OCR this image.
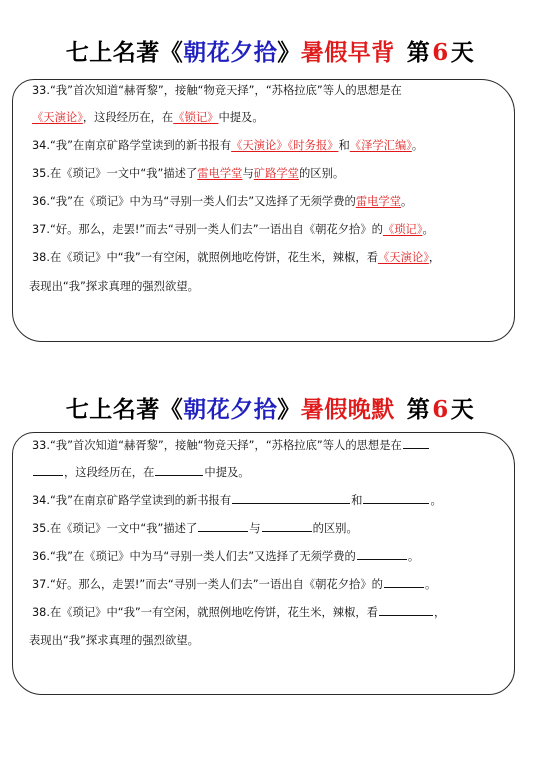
七上名著《朝花夕拾》暑假早背 第6天
33.“我”首次知道“赫胥黎”，接触“物竞天择”，“苏格拉底”等人的思想是在
《天演论》，这段经历在，在《锁记》中提及。
34.“我”在南京矿路学堂读到的新书报有《天演论》《时务报》和《泽学汇编》。
35.在《琐记》一文中“我”描述了雷电学堂与矿路学堂的区别。
36.“我”在《琐记》中为马“寻别一类人们去”又选择了无须学费的雷电学堂。
37.“好。那么，走罢!”而去“寻别一类人们去”一语出自《朝花夕拾》的《琐记》。
38.在《琐记》中“我”一有空闲，就照例地吃侉饼，花生米，辣椒，看《天演论》，
表现出“我”探求真理的强烈欲望。
七上名著《朝花夕拾》暑假晚默 第6天
33.“我”首次知道“赫胥黎”，接触“物竞天择”，“苏格拉底”等人的思想是在
，这段经历在，在	中提及。
34.“我”在南京矿路学堂读到的新书报有	和	。
35.在《琐记》一文中“我”描述了	与	的区别。
36.“我”在《琐记》中为马“寻别一类人们去”又选择了无须学费的	。
37.“好。那么，走罢!”而去“寻别一类人们去”一语出自《朝花夕拾》的	。
38.在《琐记》中“我”一有空闲，就照例地吃侉饼，花生米，辣椒，看	，
表现出“我”探求真理的强烈欲望。
